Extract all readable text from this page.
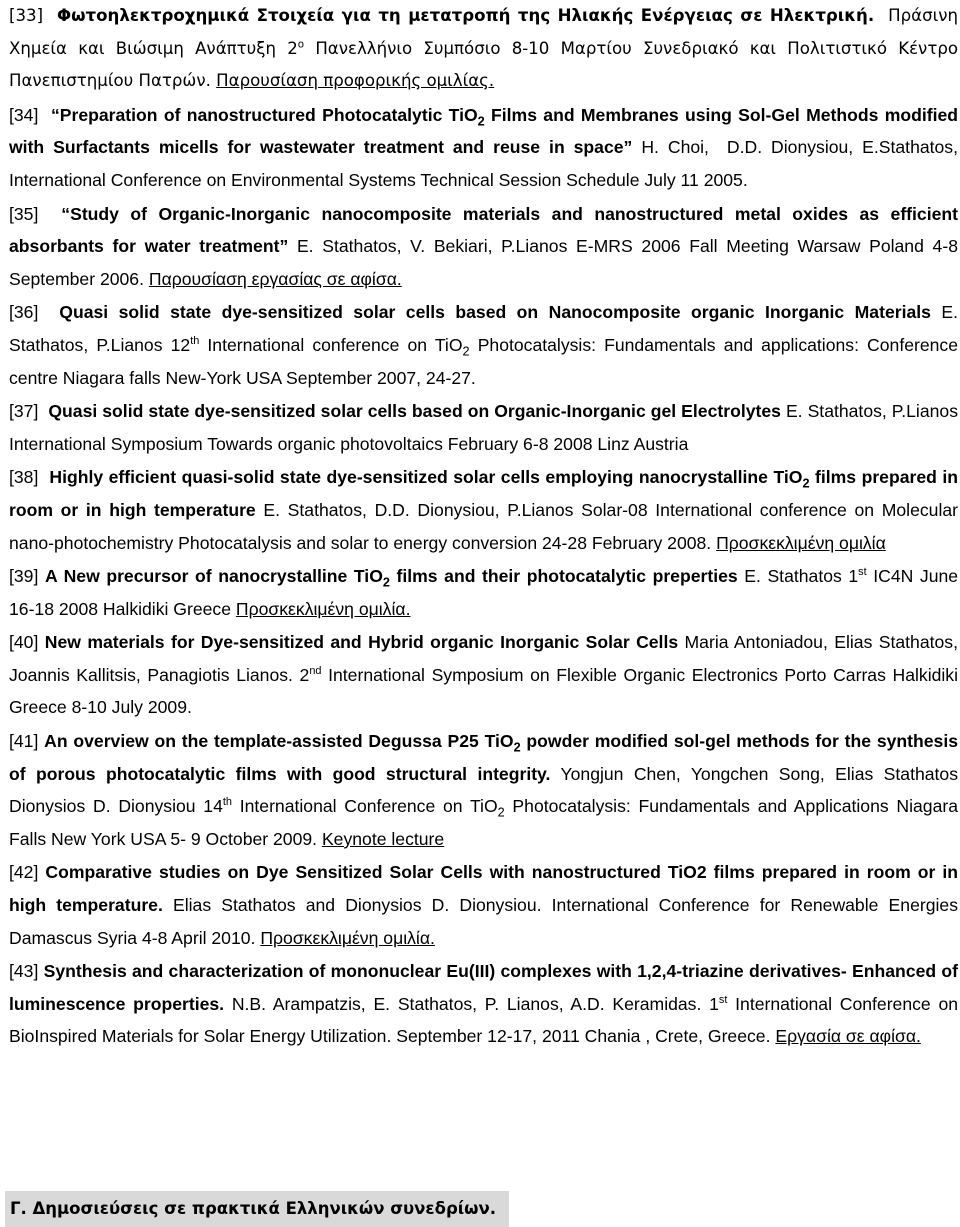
[33] Φωτοηλεκτροχημικά Στοιχεία για τη μετατροπή της Ηλιακής Ενέργειας σε Ηλεκτρική. Πράσινη Χημεία και Βιώσιμη Ανάπτυξη $2^o$ Πανελλήνιο Συμπόσιο 8-10 Μαρτίου Συνεδριακό και Πολιτιστικό Κέντρο Πανεπιστημίου Πατρών. Παρουσίαση προφορικής ομιλίας.

[34] “Preparation of nanostructured Photocatalytic TiO$_2$ Films and Membranes using Sol-Gel Methods modified with Surfactants micells for wastewater treatment and reuse in space” H. Choi, D.D. Dionysiou, E.Stathatos, International Conference on Environmental Systems Technical Session Schedule July 11 2005.

[35] “Study of Organic-Inorganic nanocomposite materials and nanostructured metal oxides as efficient absorbants for water treatment” E. Stathatos, V. Bekiari, P.Lianos E-MRS 2006 Fall Meeting Warsaw Poland 4-8 September 2006. Παρουσίαση εργασίας σε αφίσα.

[36] Quasi solid state dye-sensitized solar cells based on Nanocomposite organic Inorganic Materials E. Stathatos, P.Lianos 12th International conference on TiO$_2$ Photocatalysis: Fundamentals and applications: Conference centre Niagara falls New-York USA September 2007, 24-27.

[37] Quasi solid state dye-sensitized solar cells based on Organic-Inorganic gel Electrolytes E. Stathatos, P.Lianos International Symposium Towards organic photovoltaics February 6-8 2008 Linz Austria

[38] Highly efficient quasi-solid state dye-sensitized solar cells employing nanocrystalline TiO$_2$ films prepared in room or in high temperature E. Stathatos, D.D. Dionysiou, P.Lianos Solar-08 International conference on Molecular nano-photochemistry Photocatalysis and solar to energy conversion 24-28 February 2008. Προσκεκλιμένη ομιλία

[39] A New precursor of nanocrystalline TiO$_2$ films and their photocatalytic preperties E. Stathatos 1st IC4N June 16-18 2008 Halkidiki Greece Προσκεκλιμένη ομιλία.

[40] New materials for Dye-sensitized and Hybrid organic Inorganic Solar Cells Maria Antoniadou, Elias Stathatos, Joannis Kallitsis, Panagiotis Lianos. 2nd International Symposium on Flexible Organic Electronics Porto Carras Halkidiki Greece 8-10 July 2009.

[41] An overview on the template-assisted Degussa P25 TiO$_2$ powder modified sol-gel methods for the synthesis of porous photocatalytic films with good structural integrity. Yongjun Chen, Yongchen Song, Elias Stathatos Dionysios D. Dionysiou 14th International Conference on TiO$_2$ Photocatalysis: Fundamentals and Applications Niagara Falls New York USA 5- 9 October 2009. Keynote lecture

[42] Comparative studies on Dye Sensitized Solar Cells with nanostructured TiO2 films prepared in room or in high temperature. Elias Stathatos and Dionysios D. Dionysiou. International Conference for Renewable Energies Damascus Syria 4-8 April 2010. Προσκεκλιμένη ομιλία.

[43] Synthesis and characterization of mononuclear Eu(III) complexes with 1,2,4-triazine derivatives- Enhanced of luminescence properties. N.B. Arampatzis, E. Stathatos, P. Lianos, A.D. Keramidas. 1st International Conference on BioInspired Materials for Solar Energy Utilization. September 12-17, 2011 Chania , Crete, Greece. Εργασία σε αφίσα.

Γ. Δημοσιεύσεις σε πρακτικά Ελληνικών συνεδρίων.
